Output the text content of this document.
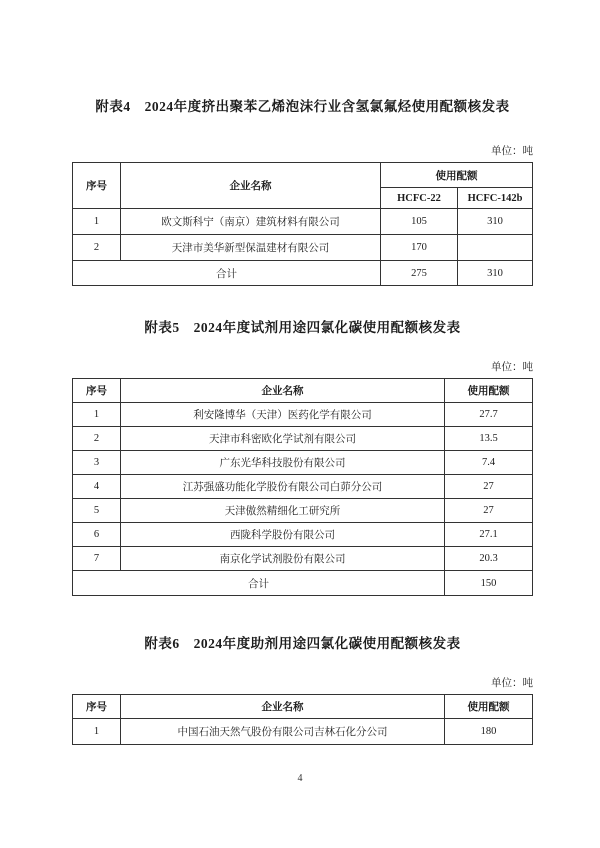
附表4　2024年度挤出聚苯乙烯泡沫行业含氢氯氟烃使用配额核发表
单位：吨
序号	企业名称	使用配额	
		HCFC-22	HCFC-142b
1	欧文斯科宁（南京）建筑材料有限公司	105	310
2	天津市美华新型保温建材有限公司	170	
合计		275	310
附表5　2024年度试剂用途四氯化碳使用配额核发表
单位：吨
序号	企业名称	使用配额
1	利安隆博华（天津）医药化学有限公司	27.7
2	天津市科密欧化学试剂有限公司	13.5
3	广东光华科技股份有限公司	7.4
4	江苏强盛功能化学股份有限公司白茆分公司	27
5	天津傲然精细化工研究所	27
6	西陇科学股份有限公司	27.1
7	南京化学试剂股份有限公司	20.3
合计		150
附表6　2024年度助剂用途四氯化碳使用配额核发表
单位：吨
序号	企业名称	使用配额
1	中国石油天然气股份有限公司吉林石化分公司	180
4
